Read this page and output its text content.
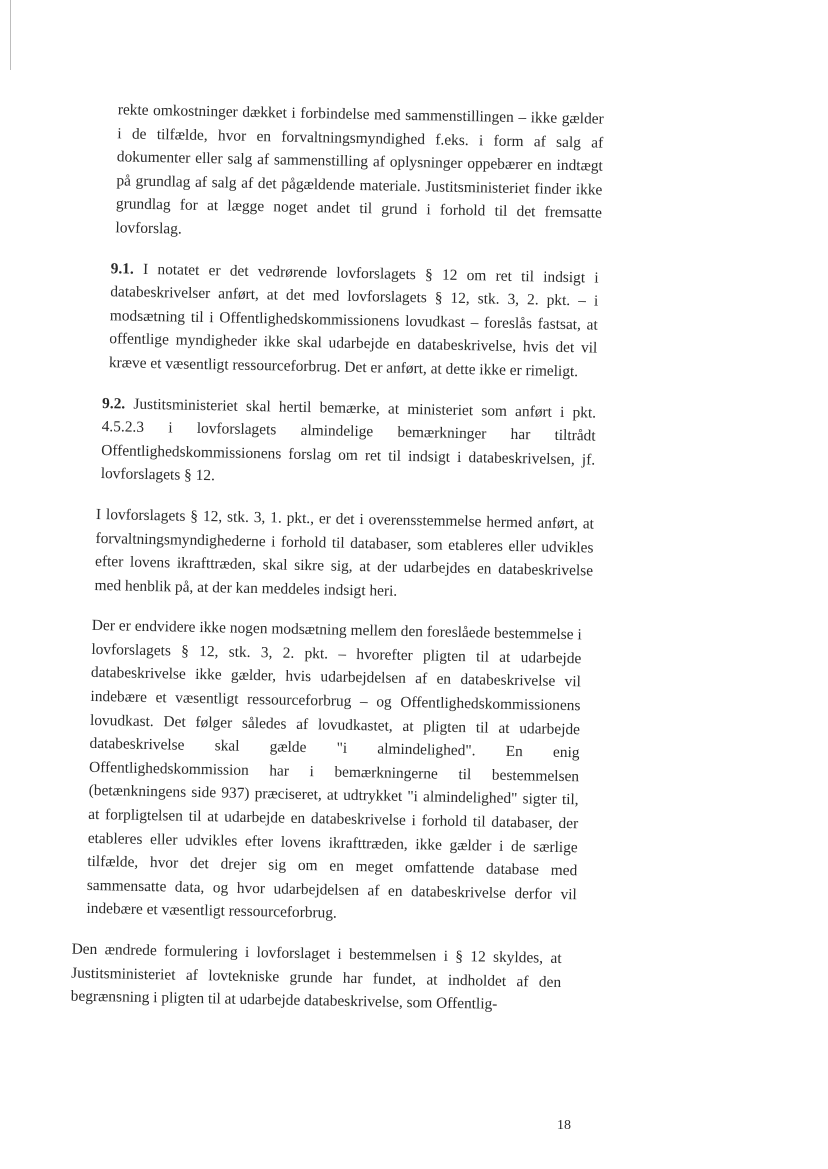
rekte omkostninger dækket i forbindelse med sammenstillingen – ikke gælder i de tilfælde, hvor en forvaltningsmyndighed f.eks. i form af salg af dokumenter eller salg af sammenstilling af oplysninger oppebærer en indtægt på grundlag af salg af det pågældende materiale. Justitsministeriet finder ikke grundlag for at lægge noget andet til grund i forhold til det fremsatte lovforslag.

9.1. I notatet er det vedrørende lovforslagets § 12 om ret til indsigt i databeskrivelser anført, at det med lovforslagets § 12, stk. 3, 2. pkt. – i modsætning til i Offentlighedskommissionens lovudkast – foreslås fastsat, at offentlige myndigheder ikke skal udarbejde en databeskrivelse, hvis det vil kræve et væsentligt ressourceforbrug. Det er anført, at dette ikke er rimeligt.

9.2. Justitsministeriet skal hertil bemærke, at ministeriet som anført i pkt. 4.5.2.3 i lovforslagets almindelige bemærkninger har tiltrådt Offentlighedskommissionens forslag om ret til indsigt i databeskrivelsen, jf. lovforslagets § 12.

I lovforslagets § 12, stk. 3, 1. pkt., er det i overensstemmelse hermed anført, at forvaltningsmyndighederne i forhold til databaser, som etableres eller udvikles efter lovens ikrafttræden, skal sikre sig, at der udarbejdes en databeskrivelse med henblik på, at der kan meddeles indsigt heri.

Der er endvidere ikke nogen modsætning mellem den foreslåede bestemmelse i lovforslagets § 12, stk. 3, 2. pkt. – hvorefter pligten til at udarbejde databeskrivelse ikke gælder, hvis udarbejdelsen af en databeskrivelse vil indebære et væsentligt ressourceforbrug – og Offentlighedskommissionens lovudkast. Det følger således af lovudkastet, at pligten til at udarbejde databeskrivelse skal gælde "i almindelighed". En enig Offentlighedskommission har i bemærkningerne til bestemmelsen (betænkningens side 937) præciseret, at udtrykket "i almindelighed" sigter til, at forpligtelsen til at udarbejde en databeskrivelse i forhold til databaser, der etableres eller udvikles efter lovens ikrafttræden, ikke gælder i de særlige tilfælde, hvor det drejer sig om en meget omfattende database med sammensatte data, og hvor udarbejdelsen af en databeskrivelse derfor vil indebære et væsentligt ressourceforbrug.

Den ændrede formulering i lovforslaget i bestemmelsen i § 12 skyldes, at Justitsministeriet af lovtekniske grunde har fundet, at indholdet af den begrænsning i pligten til at udarbejde databeskrivelse, som Offentlig-

18
